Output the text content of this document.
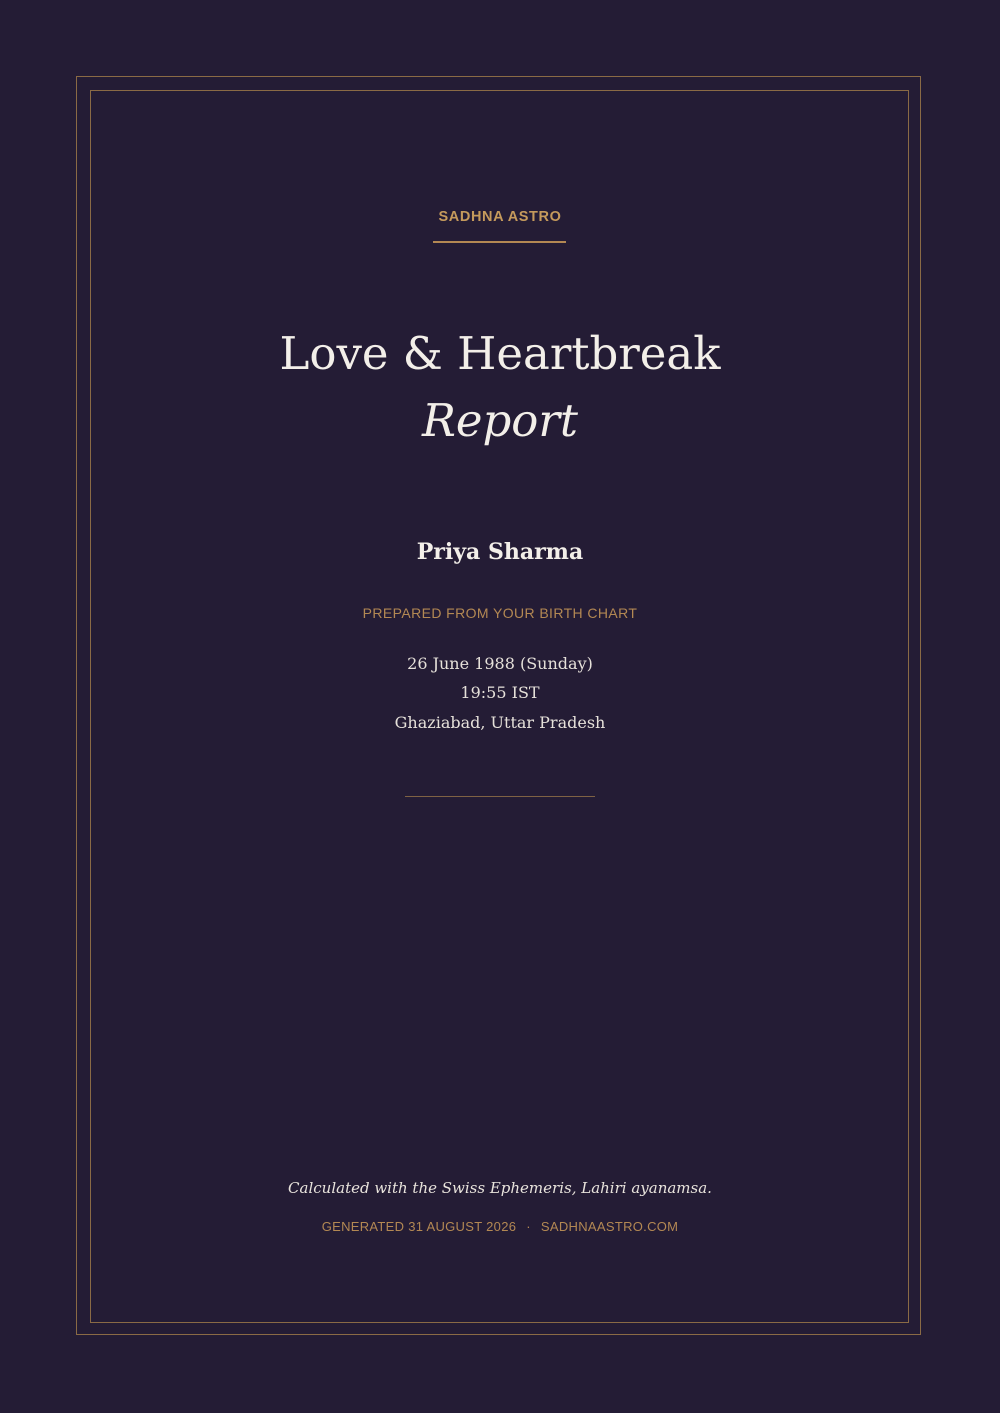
SADHNA ASTRO
Love & Heartbreak
Report
Priya Sharma
PREPARED FROM YOUR BIRTH CHART
26 June 1988 (Sunday)
19:55 IST
Ghaziabad, Uttar Pradesh
Calculated with the Swiss Ephemeris, Lahiri ayanamsa.
GENERATED 31 AUGUST 2026 · SADHNAASTRO.COM
